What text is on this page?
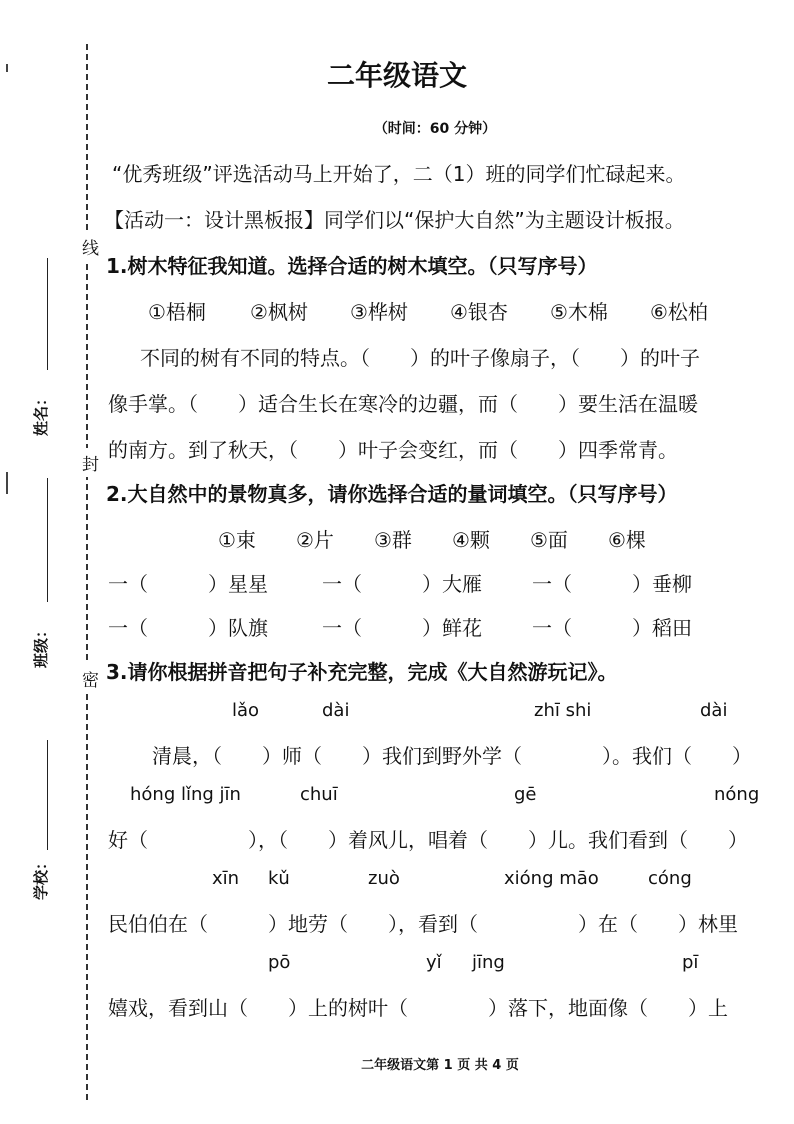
线
封
密
姓名：
班级：
学校：
二年级语文
（时间：60 分钟）
“优秀班级”评选活动马上开始了，二（1）班的同学们忙碌起来。
【活动一：设计黑板报】同学们以“保护大自然”为主题设计板报。
1.树木特征我知道。选择合适的树木填空。（只写序号）
①梧桐 ②枫树 ③桦树 ④银杏 ⑤木棉 ⑥松柏
不同的树有不同的特点。（　　）的叶子像扇子，（　　）的叶子
像手掌。（　　）适合生长在寒冷的边疆，而（　　）要生活在温暖
的南方。到了秋天，（　　）叶子会变红，而（　　）四季常青。
2.大自然中的景物真多，请你选择合适的量词填空。（只写序号）
①束 ②片 ③群 ④颗 ⑤面 ⑥棵
一（　　　）星星	一（　　　）大雁	一（　　　）垂柳
一（　　　）队旗	一（　　　）鲜花	一（　　　）稻田
3.请你根据拼音把句子补充完整，完成《大自然游玩记》。
lǎo	dài	zhī shi	dài
清晨，（　　）师（　　）我们到野外学（　　　　）。我们（　　）
hóng lǐng jīn	chuī	gē	nóng
好（　　　　　），（　　）着风儿，唱着（　　）儿。我们看到（　　）
xīn kǔ	zuò	xióng māo	cóng
民伯伯在（　　　）地劳（　　），看到（　　　　　）在（　　）林里
pō	yǐ jīng	pī
嬉戏，看到山（　　）上的树叶（　　　　）落下，地面像（　　）上
二年级语文第 1 页 共 4 页
